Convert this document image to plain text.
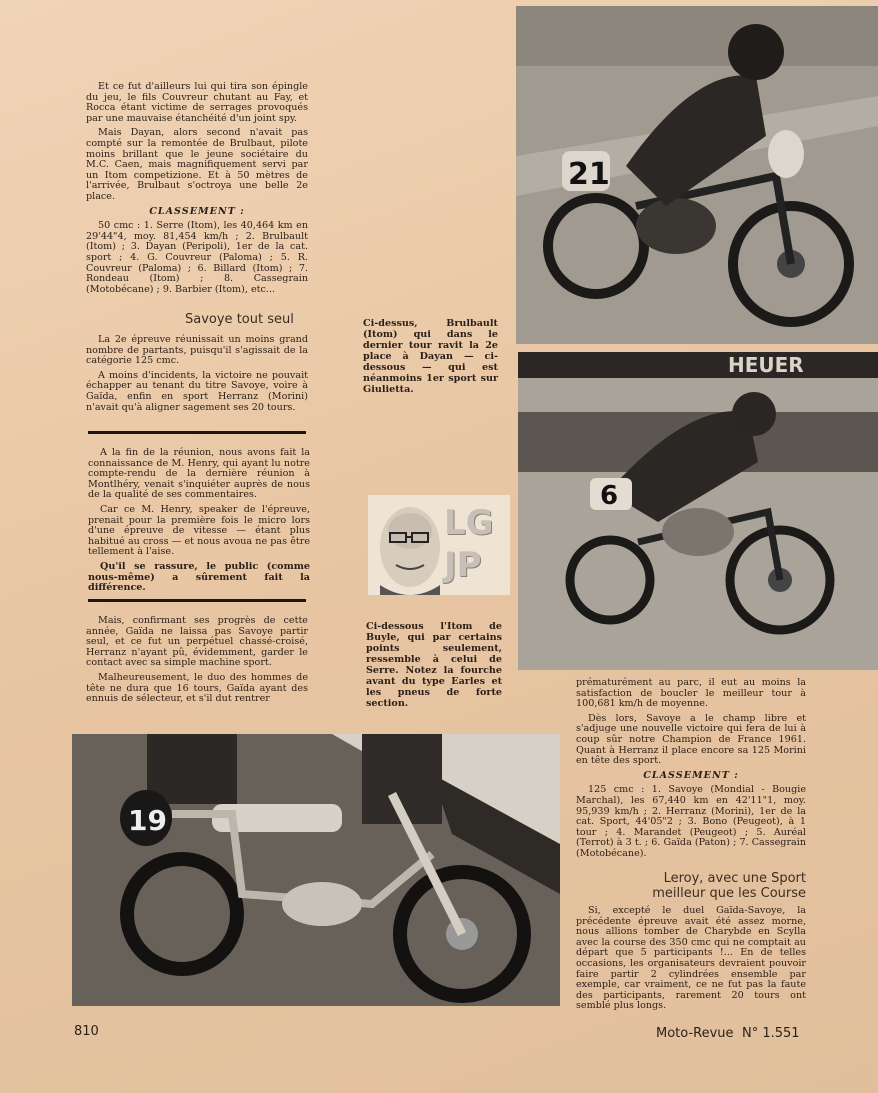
Et ce fut d'ailleurs lui qui tira son épingle du jeu, le fils Couvreur chutant au Fay, et Rocca étant victime de serrages provoqués par une mauvaise étanchéité d'un joint spy.

Mais Dayan, alors second n'avait pas compté sur la remontée de Brulbaut, pilote moins brillant que le jeune sociétaire du M.C. Caen, mais magnifiquement servi par un Itom competizione. Et à 50 mètres de l'arrivée, Brulbaut s'octroya une belle 2e place.

CLASSEMENT :

50 cmc : 1. Serre (Itom), les 40,464 km en 29'44"4, moy. 81,454 km/h ; 2. Brulbault (Itom) ; 3. Dayan (Peripoli), 1er de la cat. sport ; 4. G. Couvreur (Paloma) ; 5. R. Couvreur (Paloma) ; 6. Billard (Itom) ; 7. Rondeau (Itom) ; 8. Cassegrain (Motobécane) ; 9. Barbier (Itom), etc...

Savoye tout seul

La 2e épreuve réunissait un moins grand nombre de partants, puisqu'il s'agissait de la catégorie 125 cmc.

A moins d'incidents, la victoire ne pouvait échapper au tenant du titre Savoye, voire à Gaïda, enfin en sport Herranz (Morini) n'avait qu'à aligner sagement ses 20 tours.

A la fin de la réunion, nous avons fait la connaissance de M. Henry, qui ayant lu notre compte-rendu de la dernière réunion à Montlhéry, venait s'inquiéter auprès de nous de la qualité de ses commentaires.

Car ce M. Henry, speaker de l'épreuve, prenait pour la première fois le micro lors d'une épreuve de vitesse — étant plus habitué au cross — et nous avoua ne pas être tellement à l'aise.

Qu'il se rassure, le public (comme nous-même) a sûrement fait la différence.

Mais, confirmant ses progrès de cette année, Gaïda ne laissa pas Savoye partir seul, et ce fut un perpétuel chassé-croisé, Herranz n'ayant pû, évidemment, garder le contact avec sa simple machine sport.

Malheureusement, le duo des hommes de tête ne dura que 16 tours, Gaïda ayant des ennuis de sélecteur, et s'il dut rentrer

Ci-dessus, Brulbault (Itom) qui dans le dernier tour ravit la 2e place à Dayan — ci-dessous — qui est néanmoins 1er sport sur Giulietta.
LG
JP
Ci-dessous l'Itom de Buyle, qui par certains points seulement, ressemble à celui de Serre. Notez la fourche avant du type Earles et les pneus de forte section.
21
HEUER
6

prématurément au parc, il eut au moins la satisfaction de boucler le meilleur tour à 100,681 km/h de moyenne.

Dès lors, Savoye a le champ libre et s'adjuge une nouvelle victoire qui fera de lui à coup sûr notre Champion de France 1961. Quant à Herranz il place encore sa 125 Morini en tête des sport.

CLASSEMENT :

125 cmc : 1. Savoye (Mondial - Bougie Marchal), les 67,440 km en 42'11"1, moy. 95,939 km/h ; 2. Herranz (Morini), 1er de la cat. Sport, 44'05"2 ; 3. Bono (Peugeot), à 1 tour ; 4. Marandet (Peugeot) ; 5. Auréal (Terrot) à 3 t. ; 6. Gaïda (Paton) ; 7. Cassegrain (Motobécane).

Leroy, avec une Sport meilleur que les Course

Si, excepté le duel Gaïda-Savoye, la précédente épreuve avait été assez morne, nous allions tomber de Charybde en Scylla avec la course des 350 cmc qui ne comptait au départ que 5 participants !... En de telles occasions, les organisateurs devraient pouvoir faire partir 2 cylindrées ensemble par exemple, car vraiment, ce ne fut pas la faute des participants, rarement 20 tours ont semblé plus longs.

19
810	Moto-Revue N° 1.551
